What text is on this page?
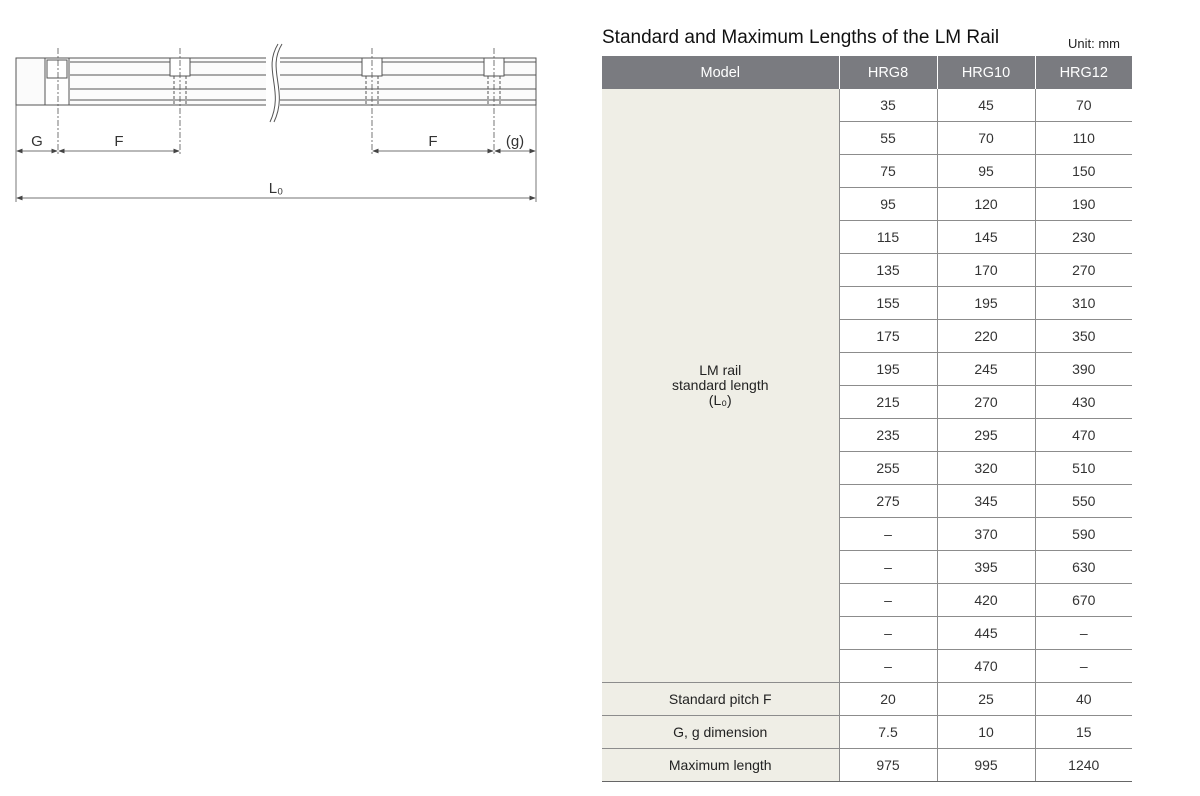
G	F	F	(g)
L₀
Standard and Maximum Lengths of the LM Rail	Unit: mm
Model	HRG8	HRG10	HRG12

LM rail
standard length
(L₀)	35	45	70
	55	70	110
	75	95	150
	95	120	190
	115	145	230
	135	170	270
	155	195	310
	175	220	350
	195	245	390
	215	270	430
	235	295	470
	255	320	510
	275	345	550
	–	370	590
	–	395	630
	–	420	670
	–	445	–
	–	470	–
Standard pitch F	20	25	40
G, g dimension	7.5	10	15
Maximum length	975	995	1240
